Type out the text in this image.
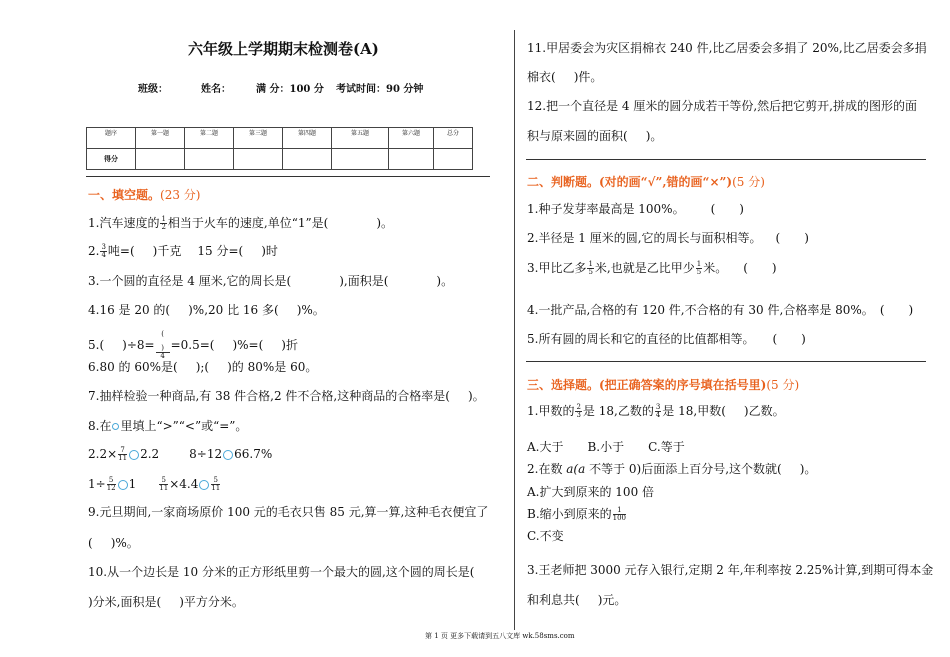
六年级上学期期末检测卷(A)
班级：	姓名：	满 分：100 分 考试时间：90 分钟
题序	第一题	第二题	第三题	第四题	第五题	第六题	总分
得分							
一、填空题。(23 分)
1.汽车速度的 $\frac{1}{2}$ 相当于火车的速度,单位“1”是(	)。
2. $\frac{3}{4}$ 吨=( )千克 15 分=( )时
3.一个圆的直径是 4 厘米,它的周长是(	),面积是(	)。
4.16 是 20 的( )%,20 比 16 多( )%。
5.( )÷8= (
)
4 =0.5=( )%=( )折
6.80 的 60%是( );( )的 80%是 60。
7.抽样检验一种商品,有 38 件合格,2 件不合格,这种商品的合格率是( )。
8.在 里填上“>”“<”或“=”。
$2.2\times \frac{7}{11} 2.2$	8÷12 66.7%
$1\div \frac{5}{12} 1$	$\frac{5}{11} \times 4.4 \frac{5}{11}$
9.元旦期间,一家商场原价 100 元的毛衣只售 85 元,算一算,这种毛衣便宜了
( )%。
10.从一个边长是 10 分米的正方形纸里剪一个最大的圆,这个圆的周长是(
)分米,面积是( )平方分米。
11.甲居委会为灾区捐棉衣 240 件,比乙居委会多捐了 20%,比乙居委会多捐
棉衣( )件。
12.把一个直径是 4 厘米的圆分成若干等份,然后把它剪开,拼成的图形的面
积与原来圆的面积( )。
二、判断题。(对的画“√”,错的画“×”)(5 分)
1.种子发芽率最高是 100%。 (　　)
2.半径是 1 厘米的圆,它的周长与面积相等。 (　　)
3.甲比乙多 $\frac{1}{5}$ 米,也就是乙比甲少 $\frac{1}{5}$ 米。 (　　)
4.一批产品,合格的有 120 件,不合格的有 30 件,合格率是 80%。 (　　)
5.所有圆的周长和它的直径的比值都相等。 (　　)
三、选择题。(把正确答案的序号填在括号里)(5 分)
1.甲数的 $\frac{2}{3}$ 是 18,乙数的 $\frac{3}{4}$ 是 18,甲数( )乙数。
A.大于 B.小于 C.等于
2.在数 a(a 不等于 0)后面添上百分号,这个数就( )。
A.扩大到原来的 100 倍
B.缩小到原来的 $\frac{1}{100}$
C.不变
3.王老师把 3000 元存入银行,定期 2 年,年利率按 2.25%计算,到期可得本金
和利息共( )元。
第 1 页 更多下载请到五八文库 wk.58sms.com
